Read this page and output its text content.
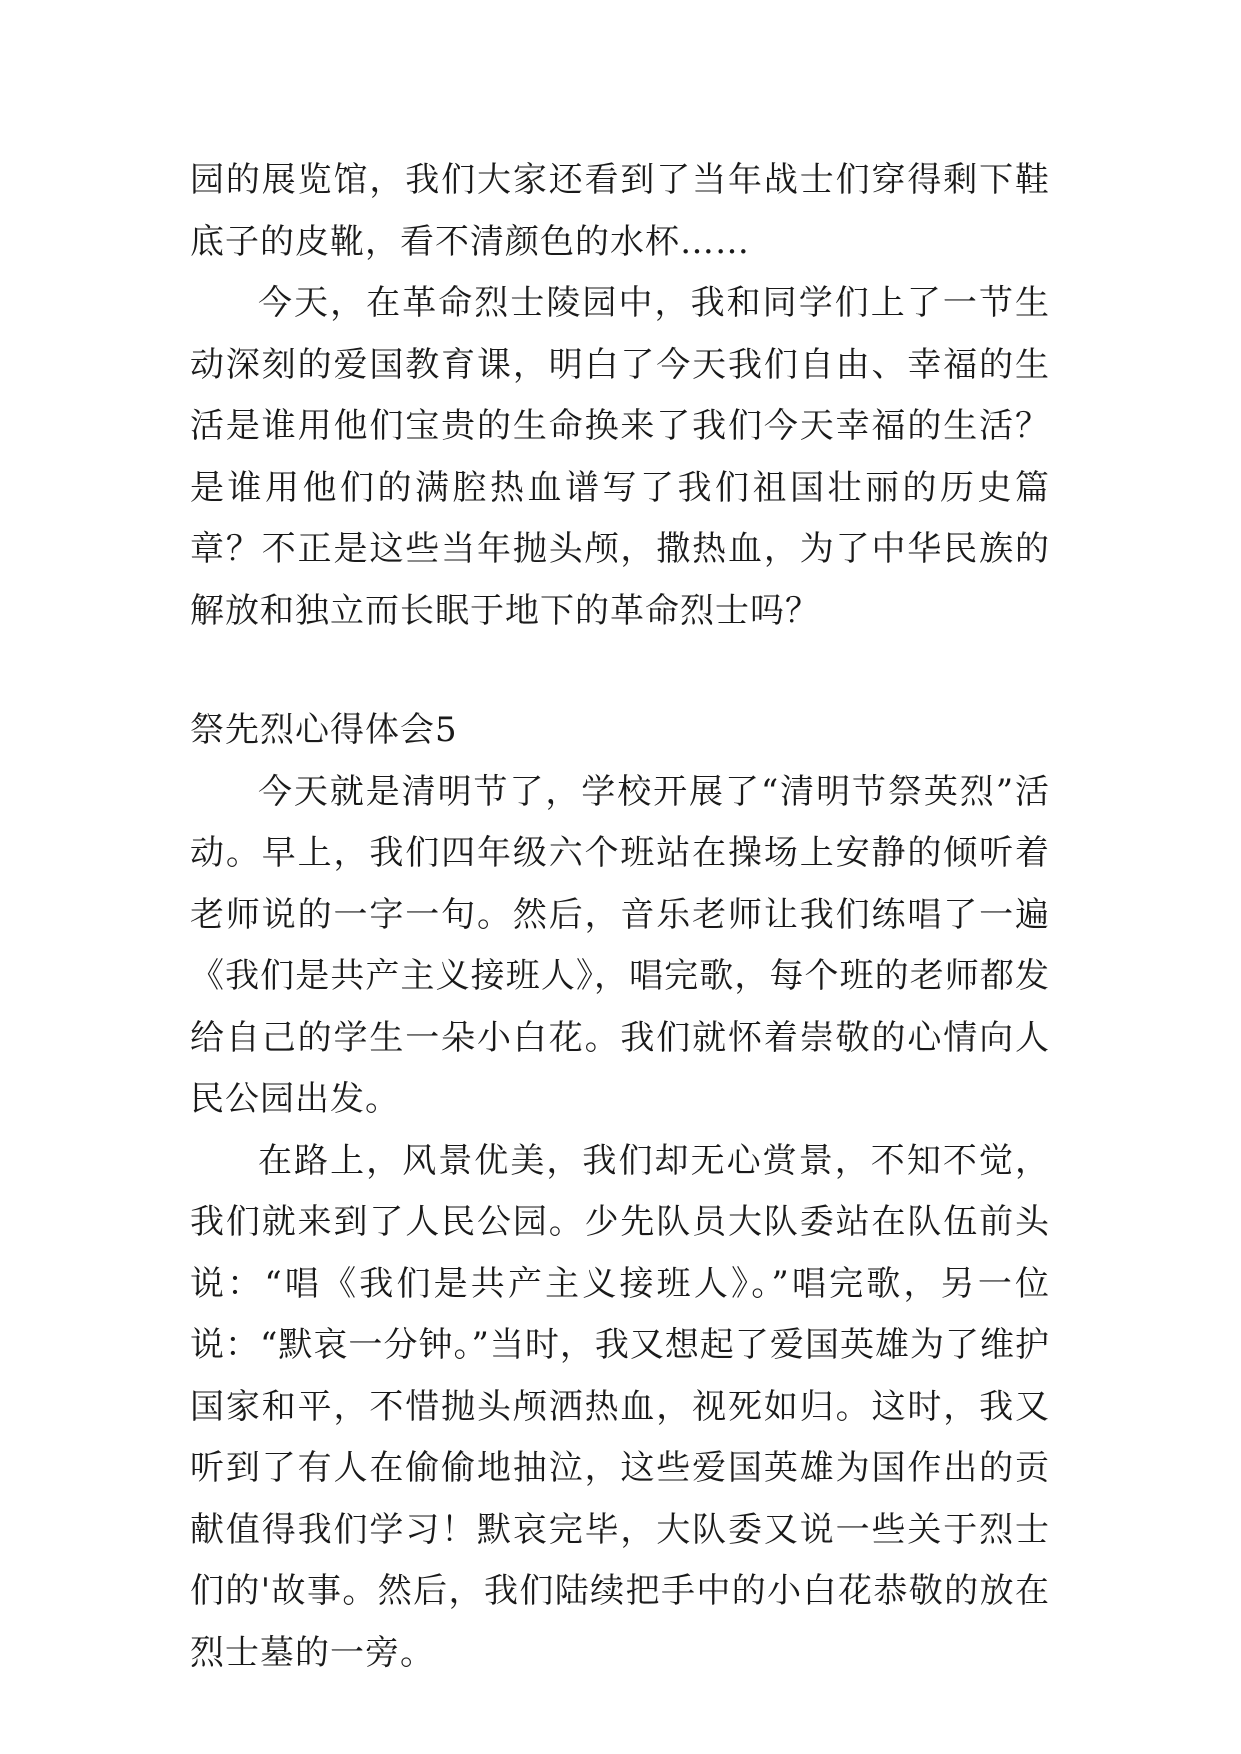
园的展览馆，我们大家还看到了当年战士们穿得剩下鞋底子的皮靴，看不清颜色的水杯……

今天，在革命烈士陵园中，我和同学们上了一节生动深刻的爱国教育课，明白了今天我们自由、幸福的生活是谁用他们宝贵的生命换来了我们今天幸福的生活？是谁用他们的满腔热血谱写了我们祖国壮丽的历史篇章？不正是这些当年抛头颅，撒热血，为了中华民族的解放和独立而长眠于地下的革命烈士吗？

祭先烈心得体会5

今天就是清明节了，学校开展了“清明节祭英烈”活动。早上，我们四年级六个班站在操场上安静的倾听着老师说的一字一句。然后，音乐老师让我们练唱了一遍《我们是共产主义接班人》，唱完歌，每个班的老师都发给自己的学生一朵小白花。我们就怀着崇敬的心情向人民公园出发。

在路上，风景优美，我们却无心赏景，不知不觉，我们就来到了人民公园。少先队员大队委站在队伍前头说：“唱《我们是共产主义接班人》。”唱完歌，另一位说：“默哀一分钟。”当时，我又想起了爱国英雄为了维护国家和平，不惜抛头颅洒热血，视死如归。这时，我又听到了有人在偷偷地抽泣，这些爱国英雄为国作出的贡献值得我们学习！默哀完毕，大队委又说一些关于烈士们的'故事。然后，我们陆续把手中的小白花恭敬的放在烈士墓的一旁。
